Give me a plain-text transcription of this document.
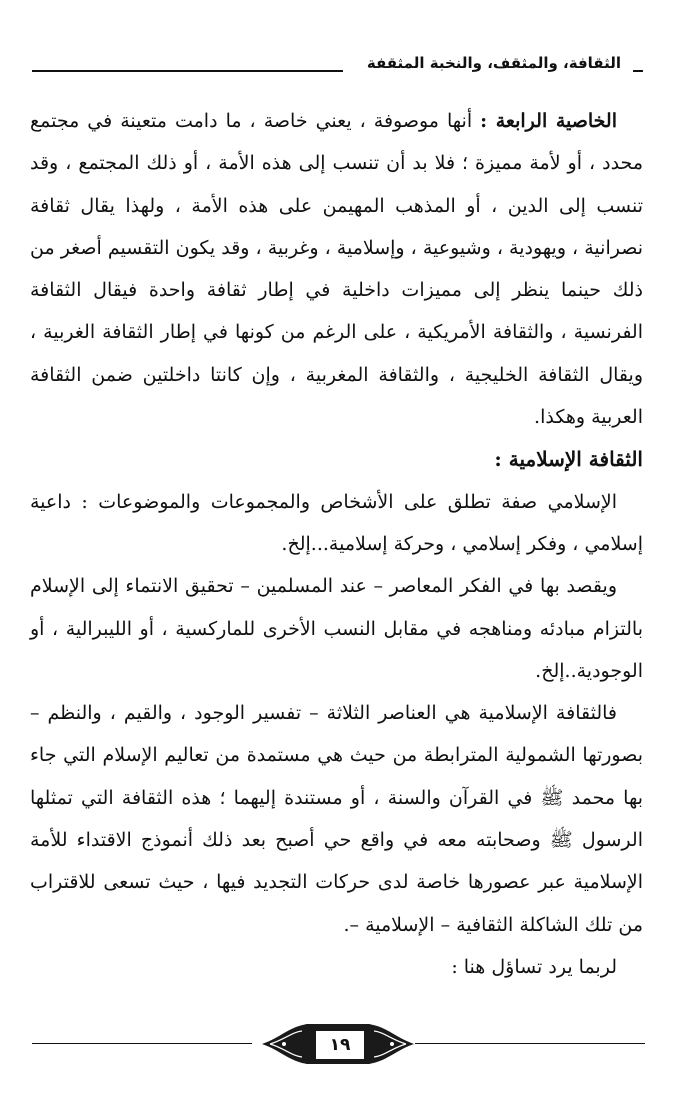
الثقافة، والمثقف، والنخبة المثقفة

الخاصية الرابعة : أنها موصوفة ، يعني خاصة ، ما دامت متعينة في مجتمع محدد ، أو لأمة مميزة ؛ فلا بد أن تنسب إلى هذه الأمة ، أو ذلك المجتمع ، وقد تنسب إلى الدين ، أو المذهب المهيمن على هذه الأمة ، ولهذا يقال ثقافة نصرانية ، ويهودية ، وشيوعية ، وإسلامية ، وغربية ، وقد يكون التقسيم أصغر من ذلك حينما ينظر إلى مميزات داخلية في إطار ثقافة واحدة فيقال الثقافة الفرنسية ، والثقافة الأمريكية ، على الرغم من كونها في إطار الثقافة الغربية ، ويقال الثقافة الخليجية ، والثقافة المغربية ، وإن كانتا داخلتين ضمن الثقافة العربية وهكذا.

الثقافة الإسلامية :

الإسلامي صفة تطلق على الأشخاص والمجموعات والموضوعات : داعية إسلامي ، وفكر إسلامي ، وحركة إسلامية...إلخ.

ويقصد بها في الفكر المعاصر – عند المسلمين – تحقيق الانتماء إلى الإسلام بالتزام مبادئه ومناهجه في مقابل النسب الأخرى للماركسية ، أو الليبرالية ، أو الوجودية..إلخ.

فالثقافة الإسلامية هي العناصر الثلاثة – تفسير الوجود ، والقيم ، والنظم – بصورتها الشمولية المترابطة من حيث هي مستمدة من تعاليم الإسلام التي جاء بها محمد ﷺ في القرآن والسنة ، أو مستندة إليهما ؛ هذه الثقافة التي تمثلها الرسول ﷺ وصحابته معه في واقع حي أصبح بعد ذلك أنموذج الاقتداء للأمة الإسلامية عبر عصورها خاصة لدى حركات التجديد فيها ، حيث تسعى للاقتراب من تلك الشاكلة الثقافية – الإسلامية –.

لربما يرد تساؤل هنا :

١٩
